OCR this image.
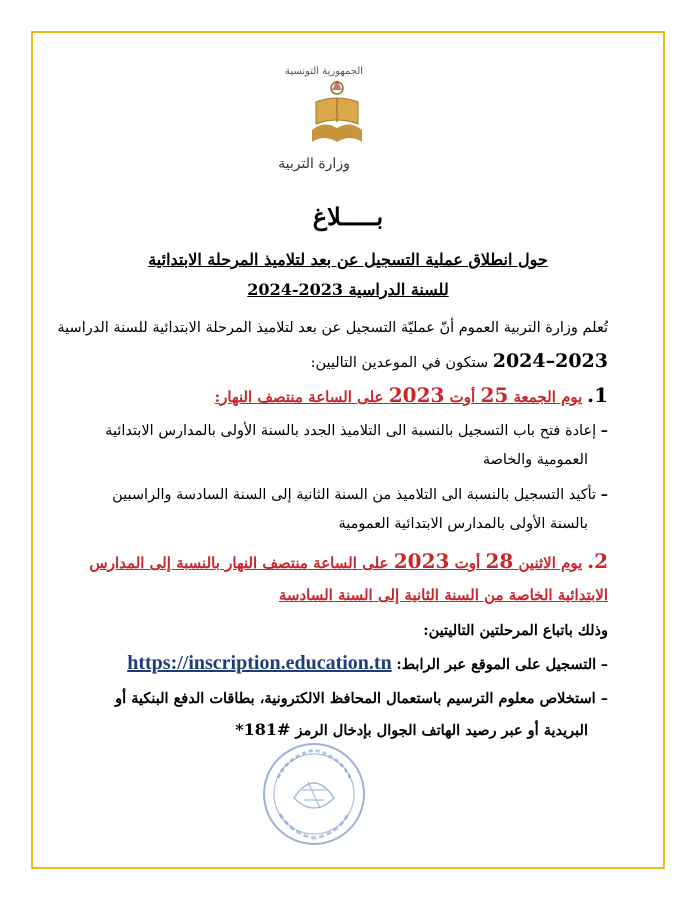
الجمهورية التونسية
وزارة التربية
بـــــلاغ
حول انطلاق عملية التسجيل عن بعد لتلاميذ المرحلة الابتدائية
للسنة الدراسية 2023-2024
تُعلم وزارة التربية العموم أنّ عمليّة التسجيل عن بعد لتلاميذ المرحلة الابتدائية للسنة الدراسية
2023–2024 ستكون في الموعدين التاليين:
1. يوم الجمعة 25 أوت 2023 على الساعة منتصف النهار:
– إعادة فتح باب التسجيل بالنسبة الى التلاميذ الجدد بالسنة الأولى بالمدارس الابتدائية
العمومية والخاصة
– تأكيد التسجيل بالنسبة الى التلاميذ من السنة الثانية إلى السنة السادسة والراسبين
بالسنة الأولى بالمدارس الابتدائية العمومية
2. يوم الاثنين 28 أوت 2023 على الساعة منتصف النهار بالنسبة إلى المدارس
الابتدائية الخاصة من السنة الثانية إلى السنة السادسة
وذلك باتباع المرحلتين التاليتين:
– التسجيل على الموقع عبر الرابط: https://inscription.education.tn
– استخلاص معلوم الترسيم باستعمال المحافظ الالكترونية، بطاقات الدفع البنكية أو
البريدية أو عبر رصيد الهاتف الجوال بإدخال الرمز *181#
